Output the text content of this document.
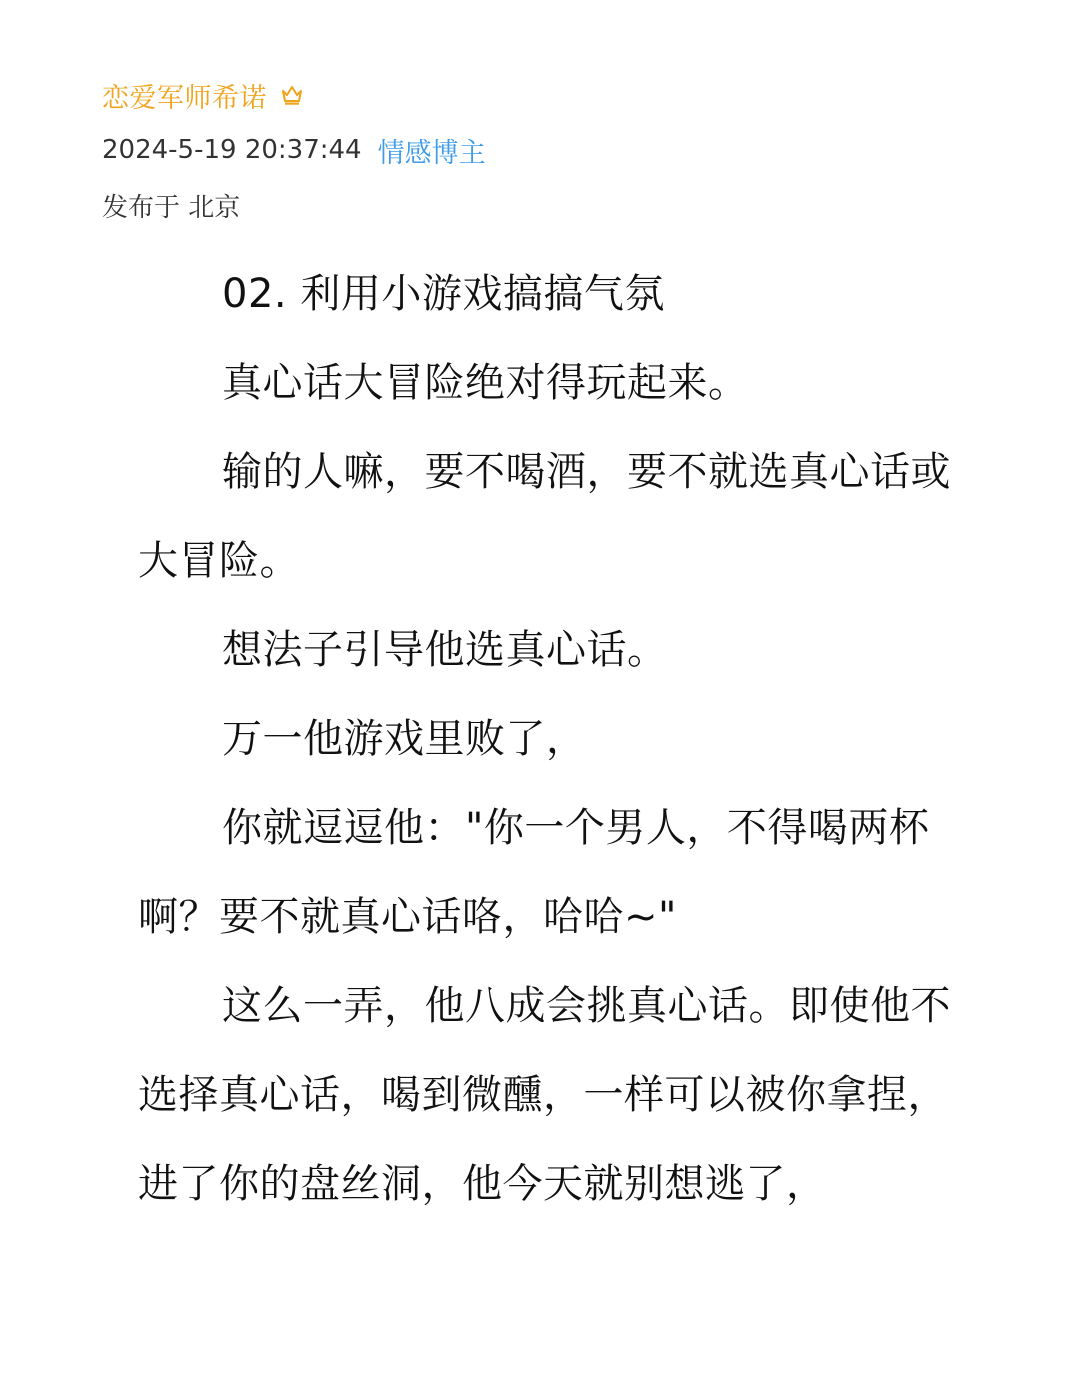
恋爱军师希诺
2024-5-19 20:37:44 情感博主
发布于 北京

02. 利用小游戏搞搞气氛

真心话大冒险绝对得玩起来。

输的人嘛，要不喝酒，要不就选真心话或大冒险。

想法子引导他选真心话。

万一他游戏里败了，

你就逗逗他："你一个男人，不得喝两杯啊？要不就真心话咯，哈哈~"

这么一弄，他八成会挑真心话。即使他不选择真心话，喝到微醺，一样可以被你拿捏，进了你的盘丝洞，他今天就别想逃了，
